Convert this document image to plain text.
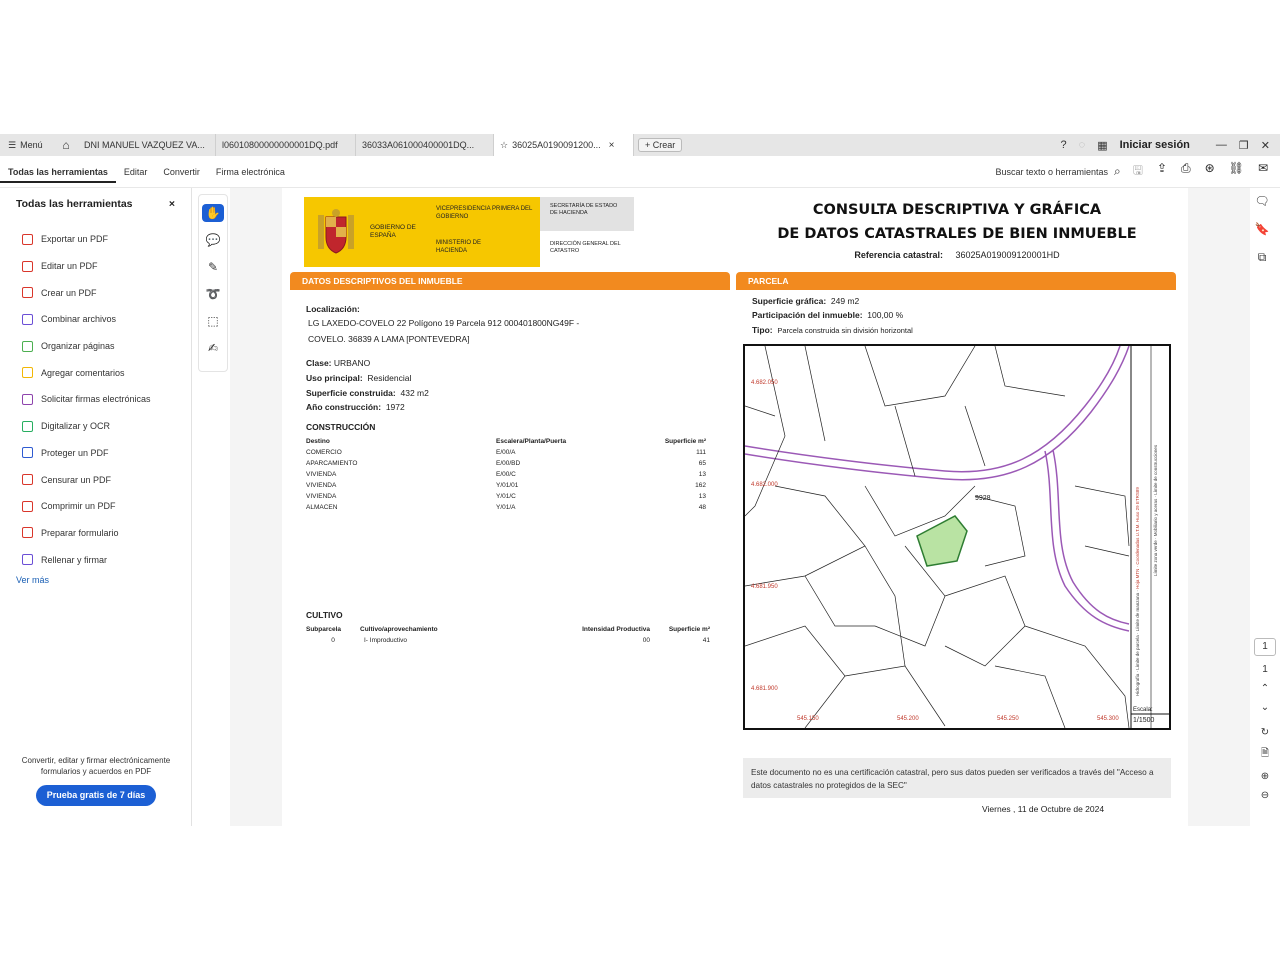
☰ Menú	⌂	DNI MANUEL VAZQUEZ VA... l06010800000000001DQ.pdf	36033A061000400001DQ...	☆ 36025A0190091200... ×	+ Crear	? ◌ ▦ Iniciar sesión — ❐ ✕
Todas las herramientas	Editar	Convertir	Firma electrónica	Buscar texto o herramientas ⌕ 🖫 ⇪ ⎙ ⊛ ⛓ ✉
Todas las herramientas	×
Exportar un PDF
Editar un PDF
Crear un PDF
Combinar archivos
Organizar páginas
Agregar comentarios
Solicitar firmas electrónicas
Digitalizar y OCR
Proteger un PDF
Censurar un PDF
Comprimir un PDF
Preparar formulario
Rellenar y firmar
Ver más
Convertir, editar y firmar electrónicamente formularios y acuerdos en PDF
Prueba gratis de 7 días
✋
💬
✎
➰
⬚
✍
GOBIERNO DE ESPAÑA
VICEPRESIDENCIA PRIMERA DEL GOBIERNO
MINISTERIO DE HACIENDA
SECRETARÍA DE ESTADO DE HACIENDA
DIRECCIÓN GENERAL DEL CATASTRO
CONSULTA DESCRIPTIVA Y GRÁFICA
DE DATOS CATASTRALES DE BIEN INMUEBLE
Referencia catastral: 36025A019009120001HD
DATOS DESCRIPTIVOS DEL INMUEBLE
Localización:
LG LAXEDO-COVELO 22 Polígono 19 Parcela 912 000401800NG49F -
COVELO. 36839 A LAMA [PONTEVEDRA]
Clase: URBANO
Uso principal: Residencial
Superficie construida: 432 m2
Año construcción: 1972
CONSTRUCCIÓN
Destino	Escalera/Planta/Puerta	Superficie m²
COMERCIO	E/00/A	111
APARCAMIENTO	E/00/BD	65
VIVIENDA	E/00/C	13
VIVIENDA	Y/01/01	162
VIVIENDA	Y/01/C	13
ALMACEN	Y/01/A	48
CULTIVO
Subparcela	Cultivo/aprovechamiento	Intensidad Productiva	Superficie m²
0	I- Improductivo	00	41
PARCELA
Superficie gráfica: 249 m2
Participación del inmueble: 100,00 %
Tipo: Parcela construida sin división horizontal
4.682.050
4.682.000
4.681.950
4.681.900
545.150	545.200	545.250	545.300
9928
Escala:
1/1500
Hidrografía · Límite de parcela · Límite de manzana · Hoja MTN · Coordenadas U.T.M. Huso 29 ETRS89	Límite zona verde · Mobiliario y aceras · Límite de construcciones
Este documento no es una certificación catastral, pero sus datos pueden ser verificados a través del "Acceso a datos catastrales no protegidos de la SEC"
Viernes , 11 de Octubre de 2024
🗨
🔖
⧉
1
1
⌃
⌄
↻
🗎
⊕
⊖
